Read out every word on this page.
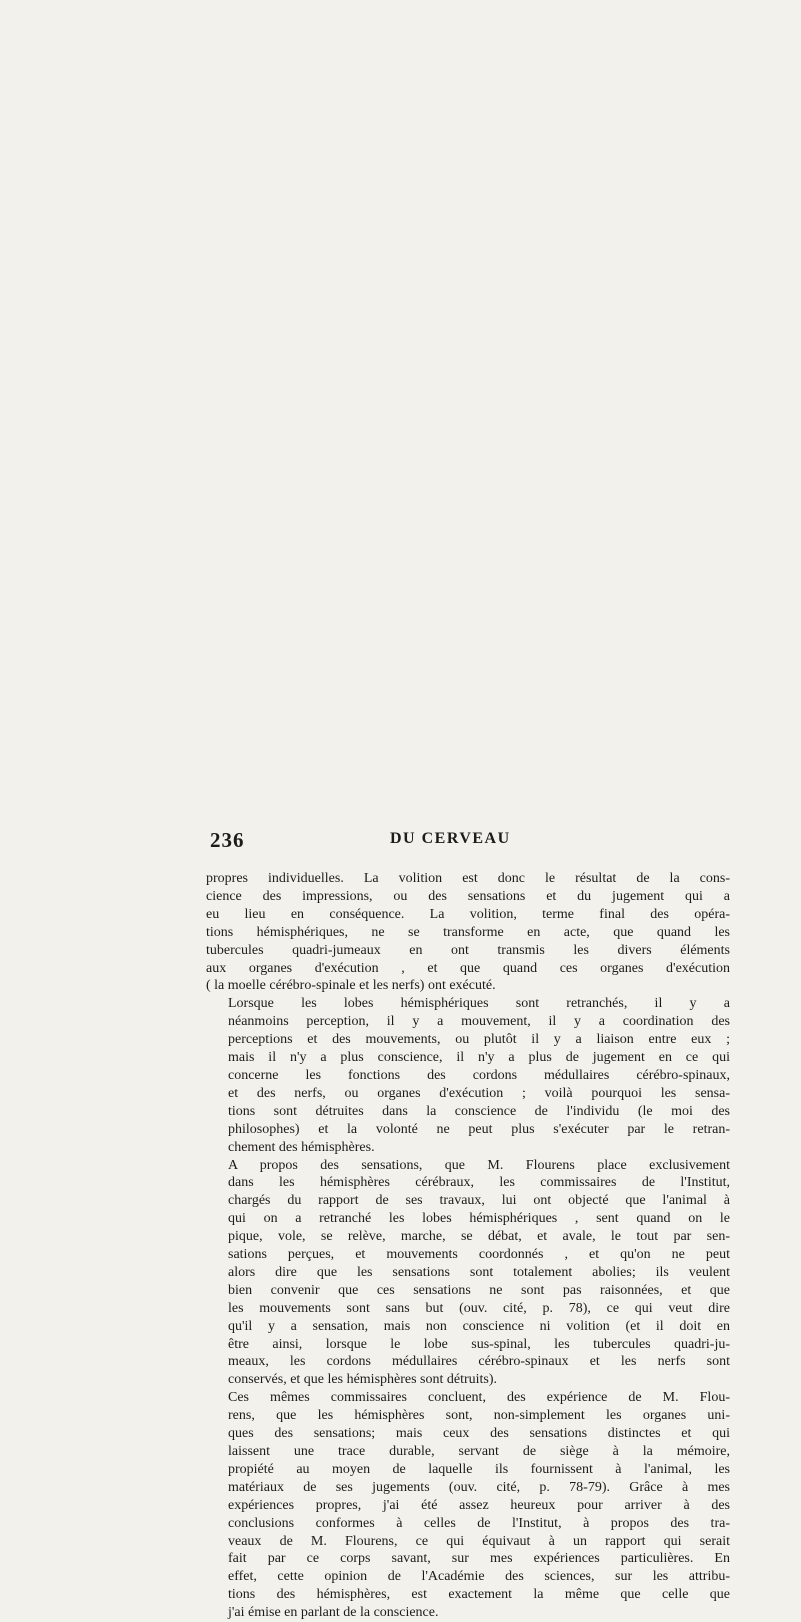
236	DU CERVEAU

propres individuelles. La volition est donc le résultat de la cons-
cience des impressions, ou des sensations et du jugement qui a
eu lieu en conséquence. La volition, terme final des opéra-
tions hémisphériques, ne se transforme en acte, que quand les
tubercules quadri-jumeaux en ont transmis les divers éléments
aux organes d'exécution , et que quand ces organes d'exécution
( la moelle cérébro-spinale et les nerfs) ont exécuté.

Lorsque les lobes hémisphériques sont retranchés, il y a
néanmoins perception, il y a mouvement, il y a coordination des
perceptions et des mouvements, ou plutôt il y a liaison entre eux ;
mais il n'y a plus conscience, il n'y a plus de jugement en ce qui
concerne les fonctions des cordons médullaires cérébro-spinaux,
et des nerfs, ou organes d'exécution ; voilà pourquoi les sensa-
tions sont détruites dans la conscience de l'individu (le moi des
philosophes) et la volonté ne peut plus s'exécuter par le retran-
chement des hémisphères.

A propos des sensations, que M. Flourens place exclusivement
dans les hémisphères cérébraux, les commissaires de l'Institut,
chargés du rapport de ses travaux, lui ont objecté que l'animal à
qui on a retranché les lobes hémisphériques , sent quand on le
pique, vole, se relève, marche, se débat, et avale, le tout par sen-
sations perçues, et mouvements coordonnés , et qu'on ne peut
alors dire que les sensations sont totalement abolies; ils veulent
bien convenir que ces sensations ne sont pas raisonnées, et que
les mouvements sont sans but (ouv. cité, p. 78), ce qui veut dire
qu'il y a sensation, mais non conscience ni volition (et il doit en
être ainsi, lorsque le lobe sus-spinal, les tubercules quadri-ju-
meaux, les cordons médullaires cérébro-spinaux et les nerfs sont
conservés, et que les hémisphères sont détruits).

Ces mêmes commissaires concluent, des expérience de M. Flou-
rens, que les hémisphères sont, non-simplement les organes uni-
ques des sensations; mais ceux des sensations distinctes et qui
laissent une trace durable, servant de siège à la mémoire,
propiété au moyen de laquelle ils fournissent à l'animal, les
matériaux de ses jugements (ouv. cité, p. 78-79). Grâce à mes
expériences propres, j'ai été assez heureux pour arriver à des
conclusions conformes à celles de l'Institut, à propos des tra-
veaux de M. Flourens, ce qui équivaut à un rapport qui serait
fait par ce corps savant, sur mes expériences particulières. En
effet, cette opinion de l'Académie des sciences, sur les attribu-
tions des hémisphères, est exactement la même que celle que
j'ai émise en parlant de la conscience.
